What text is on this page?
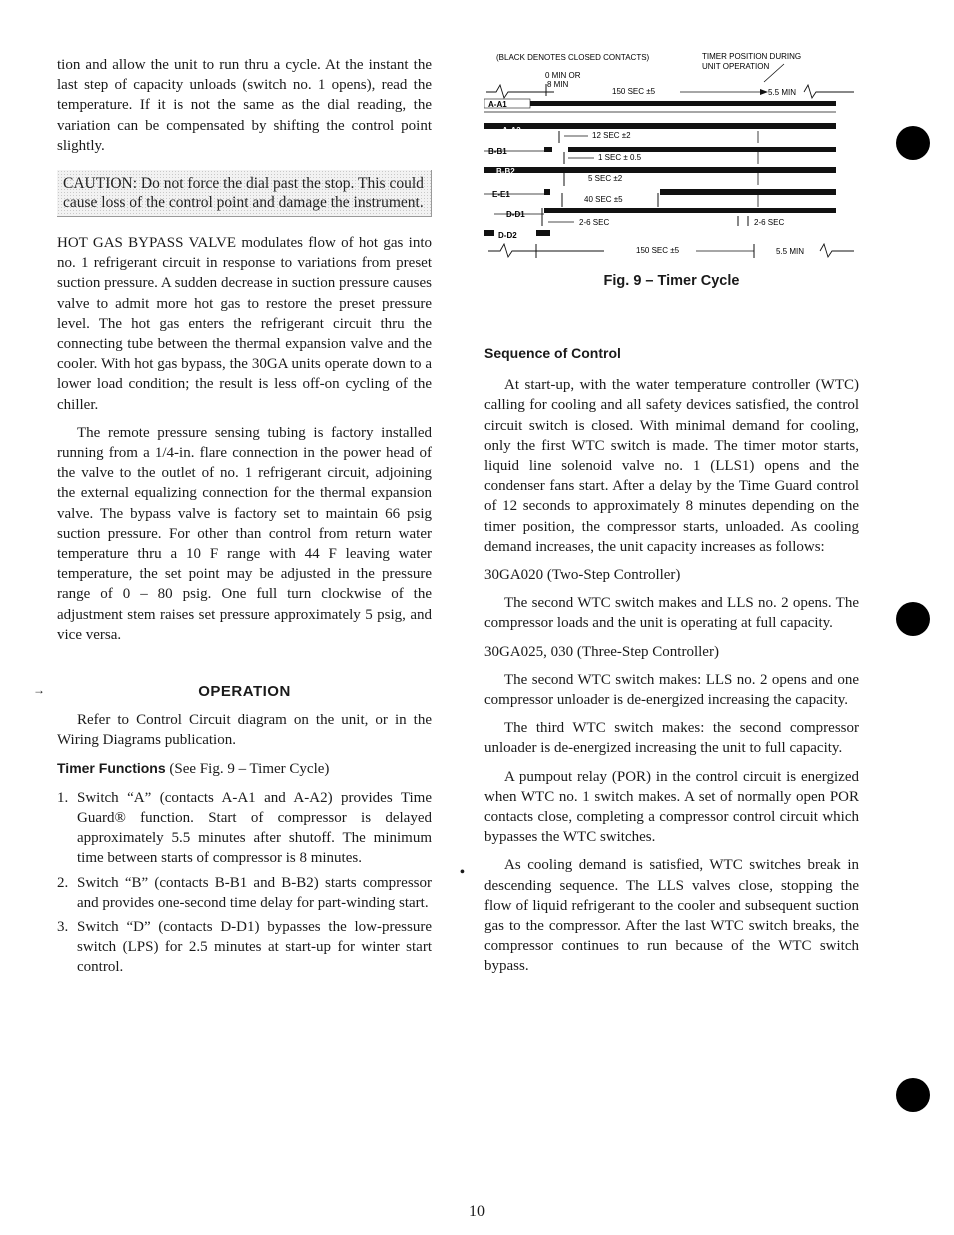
tion and allow the unit to run thru a cycle. At the instant the last step of capacity unloads (switch no. 1 opens), read the temperature. If it is not the same as the dial reading, the variation can be compensated by shifting the control point slightly.

CAUTION: Do not force the dial past the stop. This could cause loss of the control point and damage the instrument.

HOT GAS BYPASS VALVE modulates flow of hot gas into no. 1 refrigerant circuit in response to variations from preset suction pressure. A sudden decrease in suction pressure causes valve to admit more hot gas to restore the preset pressure level. The hot gas enters the refrigerant circuit thru the connecting tube between the thermal expansion valve and the cooler. With hot gas bypass, the 30GA units operate down to a lower load condition; the result is less off-on cycling of the chiller.

The remote pressure sensing tubing is factory installed running from a 1/4-in. flare connection in the power head of the valve to the outlet of no. 1 refrigerant circuit, adjoining the external equalizing connection for the thermal expansion valve. The bypass valve is factory set to maintain 66 psig suction pressure. For other than control from return water temperature thru a 10 F range with 44 F leaving water temperature, the set point may be adjusted in the pressure range of 0 – 80 psig. One full turn clockwise of the adjustment stem raises set pressure approximately 5 psig, and vice versa.

→	OPERATION

Refer to Control Circuit diagram on the unit, or in the Wiring Diagrams publication.

Timer Functions (See Fig. 9 – Timer Cycle)

1. Switch “A” (contacts A-A1 and A-A2) provides Time Guard® function. Start of compressor is delayed approximately 5.5 minutes after shutoff. The minimum time between starts of compressor is 8 minutes.
2. Switch “B” (contacts B-B1 and B-B2) starts compressor and provides one-second time delay for part-winding start.
3. Switch “D” (contacts D-D1) bypasses the low-pressure switch (LPS) for 2.5 minutes at start-up for winter start control.
(BLACK DENOTES CLOSED CONTACTS)	TIMER POSITION DURING
UNIT OPERATION
0 MIN OR
8 MIN
150 SEC ±5	5.5 MIN
A-A1
A-A2
12 SEC ±2
B-B1
1 SEC ± 0.5
B-B2
5 SEC ±2
E-E1
40 SEC ±5
D-D1
2-6 SEC	2-6 SEC
D-D2
150 SEC ±5	5.5 MIN
Fig. 9 – Timer Cycle

Sequence of Control

At start-up, with the water temperature controller (WTC) calling for cooling and all safety devices satisfied, the control circuit switch is closed. With minimal demand for cooling, only the first WTC switch is made. The timer motor starts, liquid line solenoid valve no. 1 (LLS1) opens and the condenser fans start. After a delay by the Time Guard control of 12 seconds to approximately 8 minutes depending on the timer position, the compressor starts, unloaded. As cooling demand increases, the unit capacity increases as follows:

30GA020 (Two-Step Controller)

The second WTC switch makes and LLS no. 2 opens. The compressor loads and the unit is operating at full capacity.

30GA025, 030 (Three-Step Controller)

The second WTC switch makes: LLS no. 2 opens and one compressor unloader is de-energized increasing the capacity.

The third WTC switch makes: the second compressor unloader is de-energized increasing the unit to full capacity.

A pumpout relay (POR) in the control circuit is energized when WTC no. 1 switch makes. A set of normally open POR contacts close, completing a compressor control circuit which bypasses the WTC switches.

As cooling demand is satisfied, WTC switches break in descending sequence. The LLS valves close, stopping the flow of liquid refrigerant to the cooler and subsequent suction gas to the compressor. After the last WTC switch breaks, the compressor continues to run because of the WTC switch bypass.

•
10
